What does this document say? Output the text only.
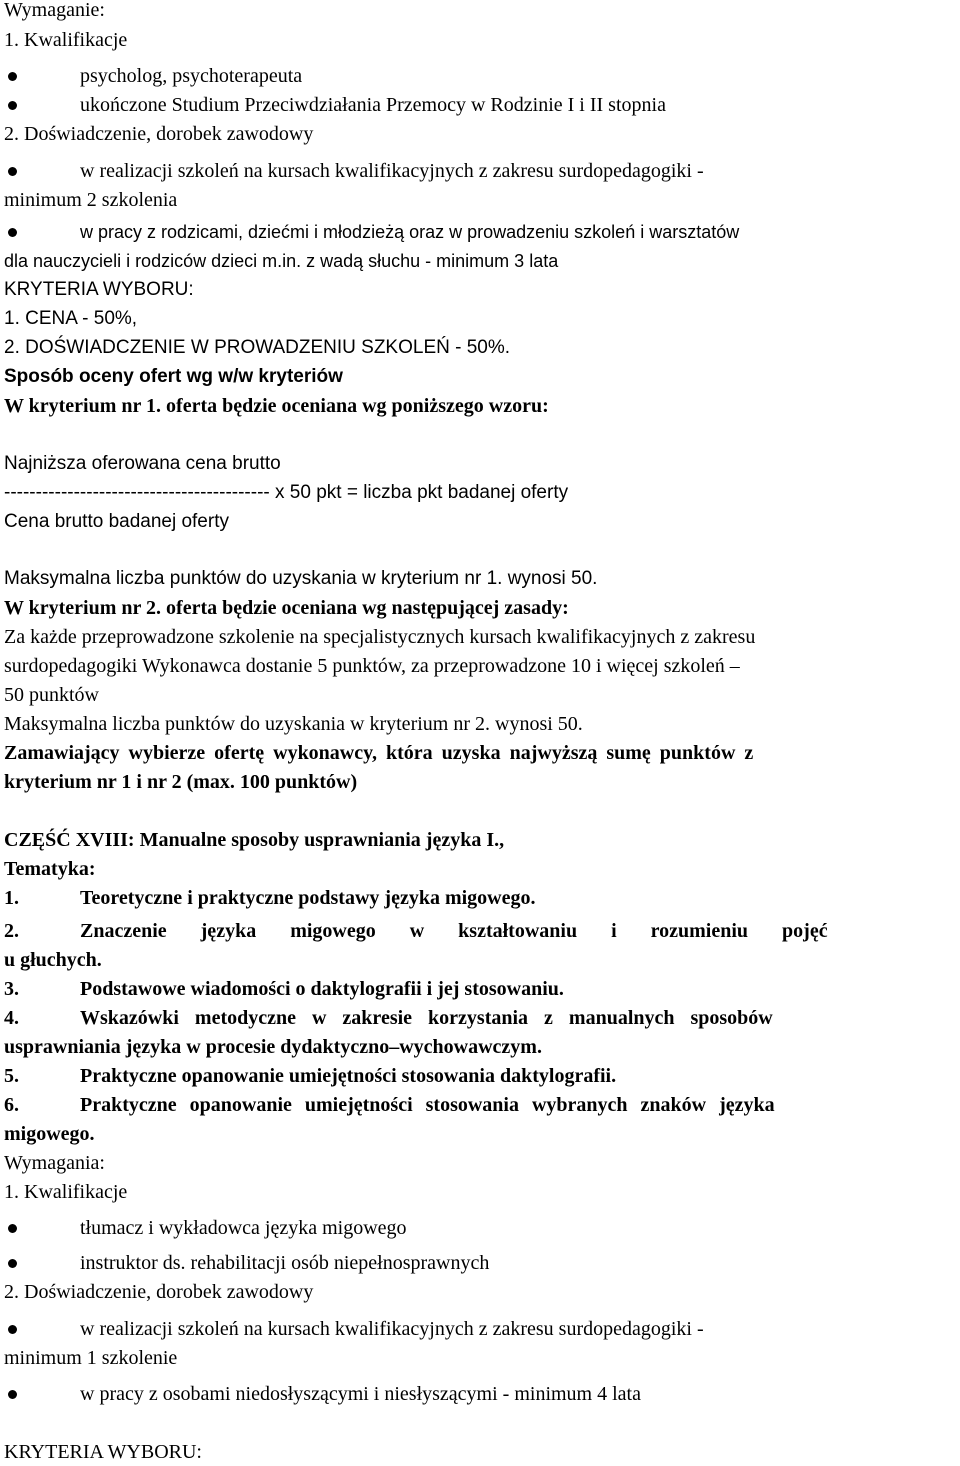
Wymaganie:
1. Kwalifikacje
psycholog, psychoterapeuta
ukończone Studium Przeciwdziałania Przemocy w Rodzinie I i II stopnia
2. Doświadczenie, dorobek zawodowy
w realizacji szkoleń na kursach kwalifikacyjnych z zakresu surdopedagogiki -
minimum 2 szkolenia
w pracy z rodzicami, dziećmi i młodzieżą oraz w prowadzeniu szkoleń i warsztatów
dla nauczycieli i rodziców dzieci m.in. z wadą słuchu - minimum 3 lata
KRYTERIA WYBORU:
1. CENA - 50%,
2. DOŚWIADCZENIE W PROWADZENIU SZKOLEŃ - 50%.
Sposób oceny ofert wg w/w kryteriów
W kryterium nr 1. oferta będzie oceniana wg poniższego wzoru:
Najniższa oferowana cena brutto
------------------------------------------ x 50 pkt = liczba pkt badanej oferty
Cena brutto badanej oferty
Maksymalna liczba punktów do uzyskania w kryterium nr 1. wynosi 50.
W kryterium nr 2. oferta będzie oceniana wg następującej zasady:
Za każde przeprowadzone szkolenie na specjalistycznych kursach kwalifikacyjnych z zakresu
surdopedagogiki Wykonawca dostanie 5 punktów, za przeprowadzone 10 i więcej szkoleń –
50 punktów
Maksymalna liczba punktów do uzyskania w kryterium nr 2. wynosi 50.
Zamawiający wybierze ofertę wykonawcy, która uzyska najwyższą sumę punktów z
kryterium nr 1 i nr 2 (max. 100 punktów)
CZĘŚĆ XVIII: Manualne sposoby usprawniania języka I.,
Tematyka:
1.	Teoretyczne i praktyczne podstawy języka migowego.
2.	Znaczenie języka migowego w kształtowaniu i rozumieniu pojęć
u głuchych.
3.	Podstawowe wiadomości o daktylografii i jej stosowaniu.
4.	Wskazówki metodyczne w zakresie korzystania z manualnych sposobów
usprawniania języka w procesie dydaktyczno–wychowawczym.
5.	Praktyczne opanowanie umiejętności stosowania daktylografii.
6.	Praktyczne opanowanie umiejętności stosowania wybranych znaków języka
migowego.
Wymagania:
1. Kwalifikacje
tłumacz i wykładowca języka migowego
instruktor ds. rehabilitacji osób niepełnosprawnych
2. Doświadczenie, dorobek zawodowy
w realizacji szkoleń na kursach kwalifikacyjnych z zakresu surdopedagogiki -
minimum 1 szkolenie
w pracy z osobami niedosłyszącymi i niesłyszącymi - minimum 4 lata
KRYTERIA WYBORU:
